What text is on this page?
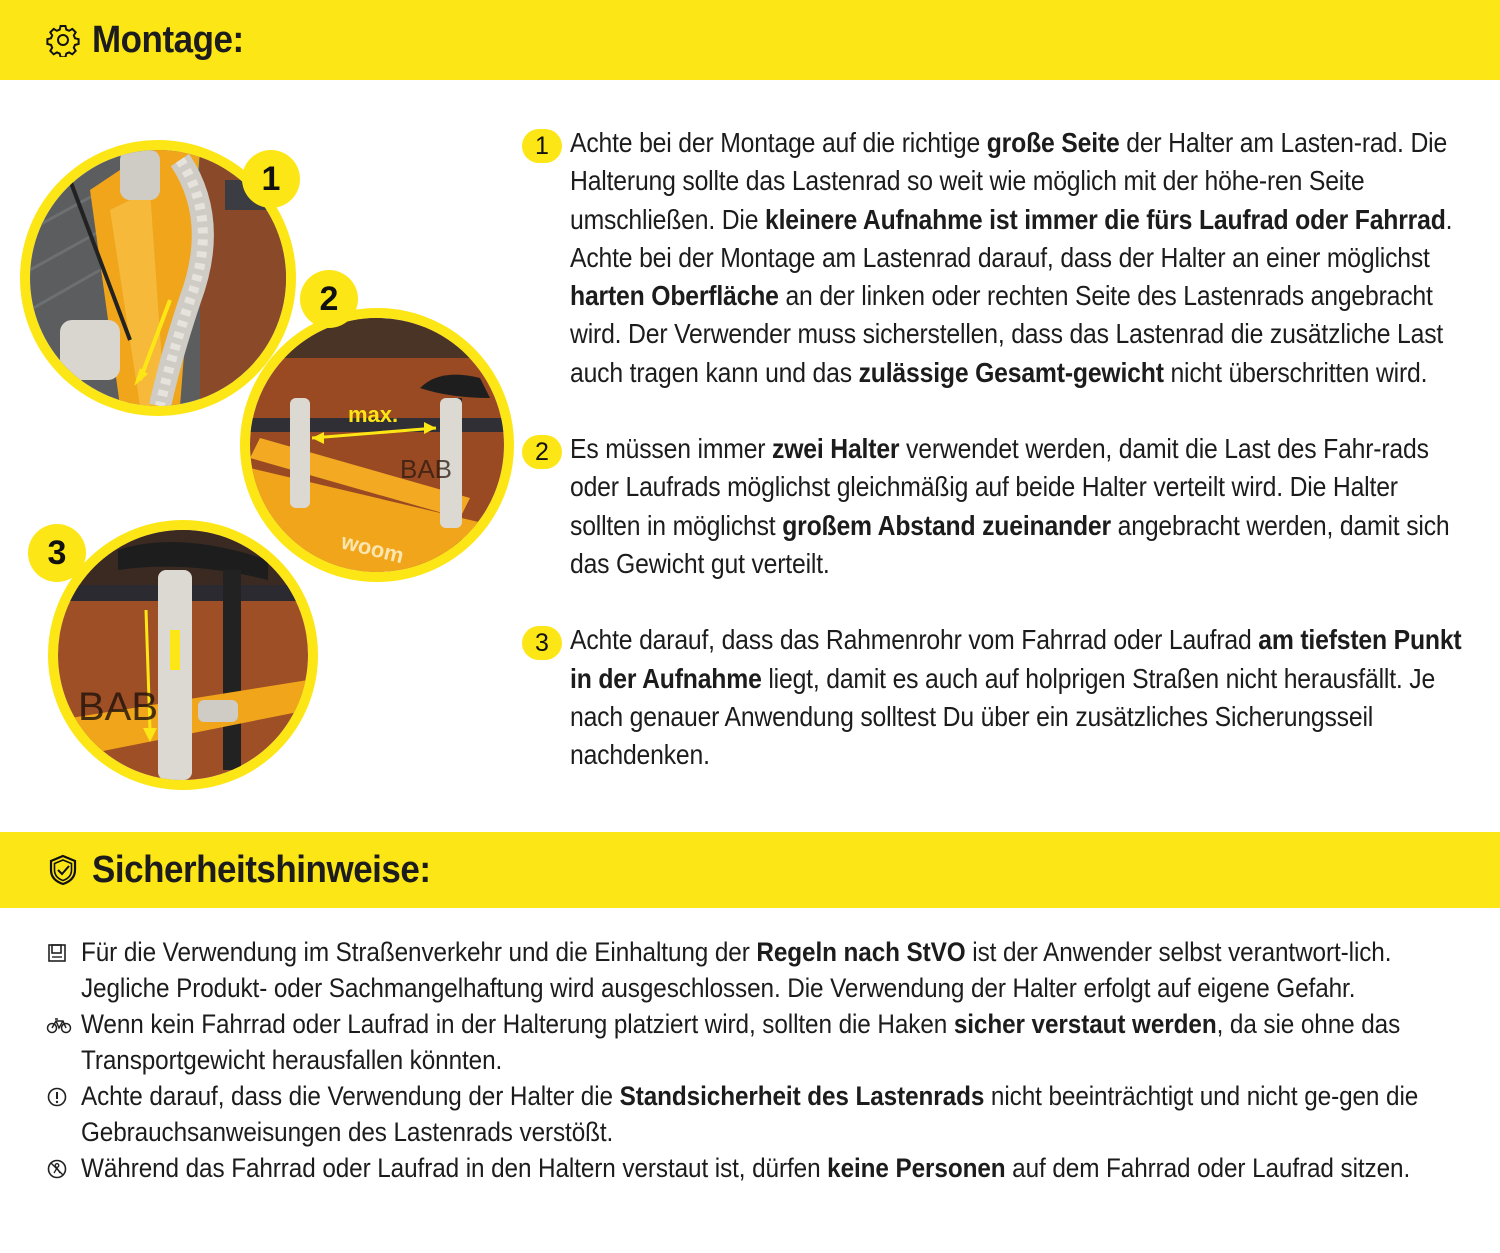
Montage:
1
max.
BAB
woom
2
BAB
3
1 Achte bei der Montage auf die richtige große Seite der Halter am Lasten-rad. Die Halterung sollte das Lastenrad so weit wie möglich mit der höhe-ren Seite umschließen. Die kleinere Aufnahme ist immer die fürs Laufrad oder Fahrrad. Achte bei der Montage am Lastenrad darauf, dass der Halter an einer möglichst harten Oberfläche an der linken oder rechten Seite des Lastenrads angebracht wird. Der Verwender muss sicherstellen, dass das Lastenrad die zusätzliche Last auch tragen kann und das zulässige Gesamt-gewicht nicht überschritten wird.

2 Es müssen immer zwei Halter verwendet werden, damit die Last des Fahr-rads oder Laufrads möglichst gleichmäßig auf beide Halter verteilt wird. Die Halter sollten in möglichst großem Abstand zueinander angebracht werden, damit sich das Gewicht gut verteilt.

3 Achte darauf, dass das Rahmenrohr vom Fahrrad oder Laufrad am tiefsten Punkt in der Aufnahme liegt, damit es auch auf holprigen Straßen nicht herausfällt. Je nach genauer Anwendung solltest Du über ein zusätzliches Sicherungsseil nachdenken.

Sicherheitshinweise:

Für die Verwendung im Straßenverkehr und die Einhaltung der Regeln nach StVO ist der Anwender selbst verantwort-lich. Jegliche Produkt- oder Sachmangelhaftung wird ausgeschlossen. Die Verwendung der Halter erfolgt auf eigene Gefahr.

Wenn kein Fahrrad oder Laufrad in der Halterung platziert wird, sollten die Haken sicher verstaut werden, da sie ohne das Transportgewicht herausfallen könnten.

Achte darauf, dass die Verwendung der Halter die Standsicherheit des Lastenrads nicht beeinträchtigt und nicht ge-gen die Gebrauchsanweisungen des Lastenrads verstößt.

Während das Fahrrad oder Laufrad in den Haltern verstaut ist, dürfen keine Personen auf dem Fahrrad oder Laufrad sitzen.
